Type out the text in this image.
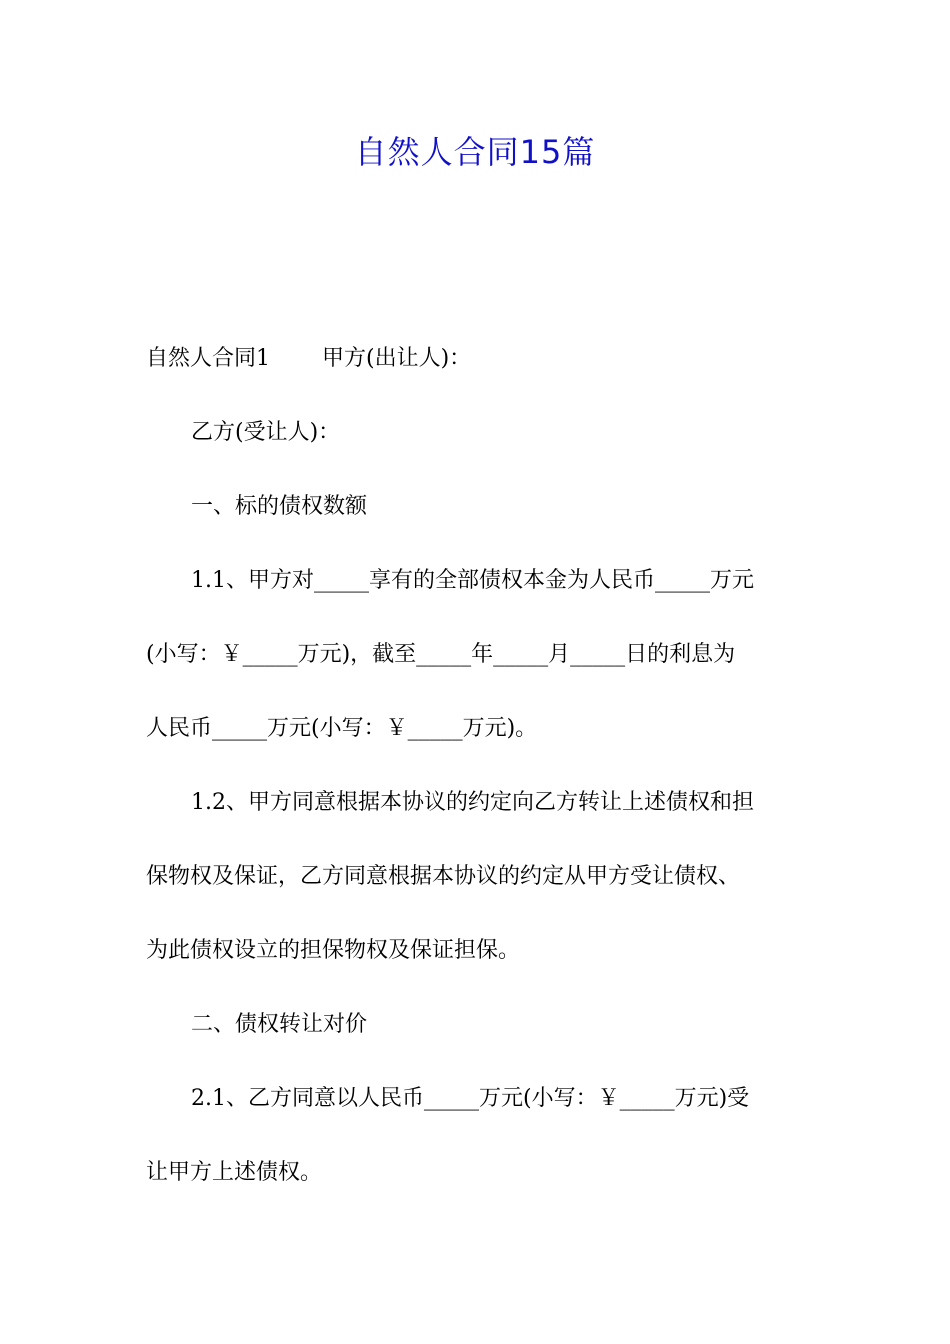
自然人合同15篇
自然人合同1 甲方(出让人)：
乙方(受让人)：
一、标的债权数额
1.1、甲方对_____享有的全部债权本金为人民币_____万元
(小写：￥_____万元)，截至_____年_____月_____日的利息为
人民币_____万元(小写：￥_____万元)。
1.2、甲方同意根据本协议的约定向乙方转让上述债权和担
保物权及保证，乙方同意根据本协议的约定从甲方受让债权、
为此债权设立的担保物权及保证担保。
二、债权转让对价
2.1、乙方同意以人民币_____万元(小写：￥_____万元)受
让甲方上述债权。
